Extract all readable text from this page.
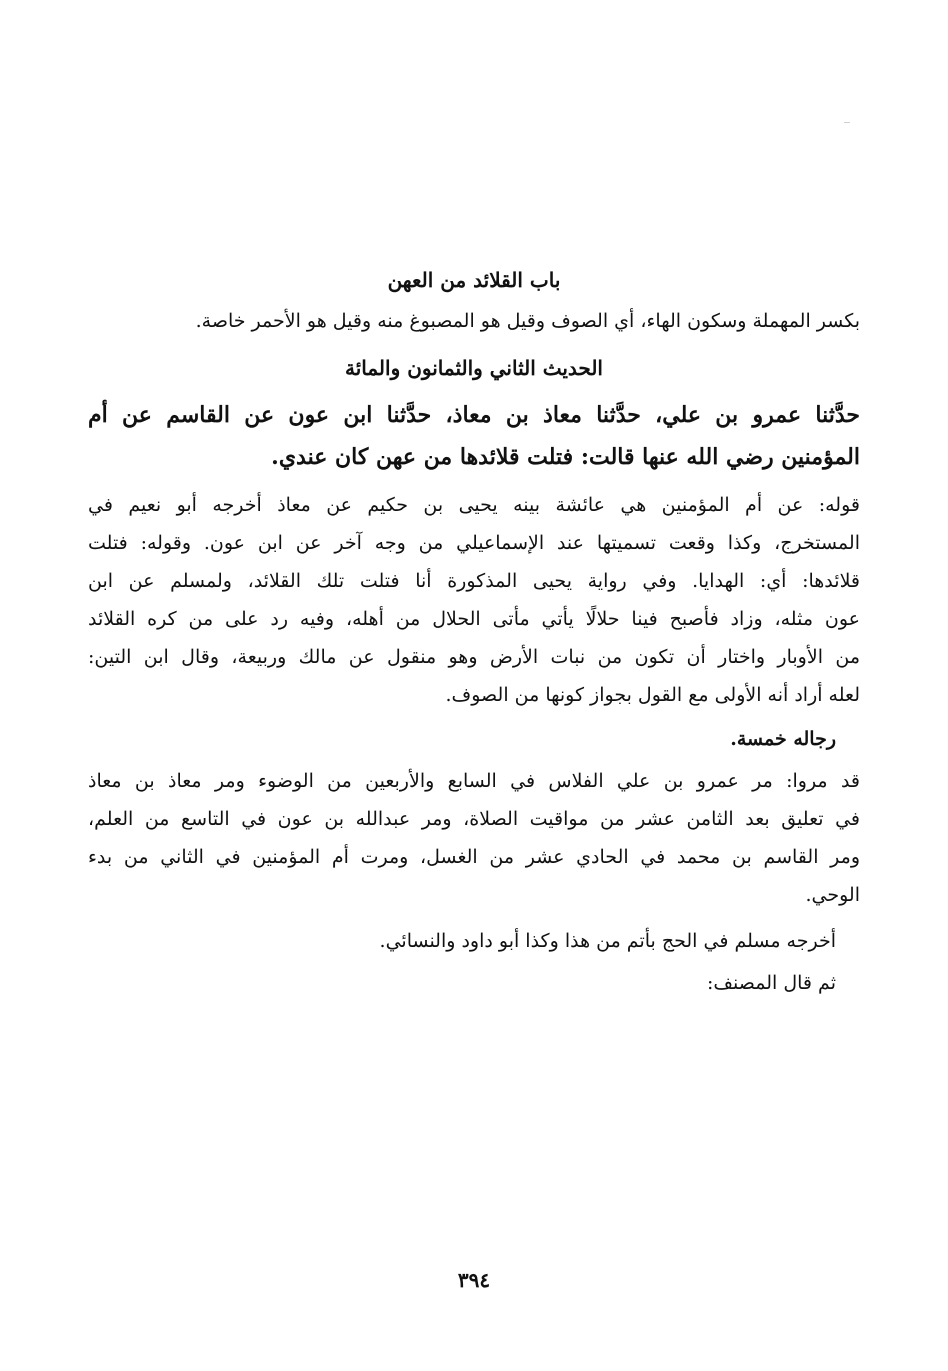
باب القلائد من العهن
بكسر المهملة وسكون الهاء، أي الصوف وقيل هو المصبوغ منه وقيل هو الأحمر خاصة.
الحديث الثاني والثمانون والمائة
حدَّثنا عمرو بن علي، حدَّثنا معاذ بن معاذ، حدَّثنا ابن عون عن القاسم عن أم
المؤمنين رضي الله عنها قالت: فتلت قلائدها من عهن كان عندي.
قوله: عن أم المؤمنين هي عائشة بينه يحيى بن حكيم عن معاذ أخرجه أبو نعيم في
المستخرج، وكذا وقعت تسميتها عند الإسماعيلي من وجه آخر عن ابن عون. وقوله: فتلت
قلائدها: أي: الهدايا. وفي رواية يحيى المذكورة أنا فتلت تلك القلائد، ولمسلم عن ابن
عون مثله، وزاد فأصبح فينا حلالًا يأتي مأتى الحلال من أهله، وفيه رد على من كره القلائد
من الأوبار واختار أن تكون من نبات الأرض وهو منقول عن مالك وربيعة، وقال ابن التين:
لعله أراد أنه الأولى مع القول بجواز كونها من الصوف.
رجاله خمسة.
قد مروا: مر عمرو بن علي الفلاس في السابع والأربعين من الوضوء ومر معاذ بن معاذ
في تعليق بعد الثامن عشر من مواقيت الصلاة، ومر عبدالله بن عون في التاسع من العلم،
ومر القاسم بن محمد في الحادي عشر من الغسل، ومرت أم المؤمنين في الثاني من بدء
الوحي.
أخرجه مسلم في الحج بأتم من هذا وكذا أبو داود والنسائي.
ثم قال المصنف:
٣٩٤
